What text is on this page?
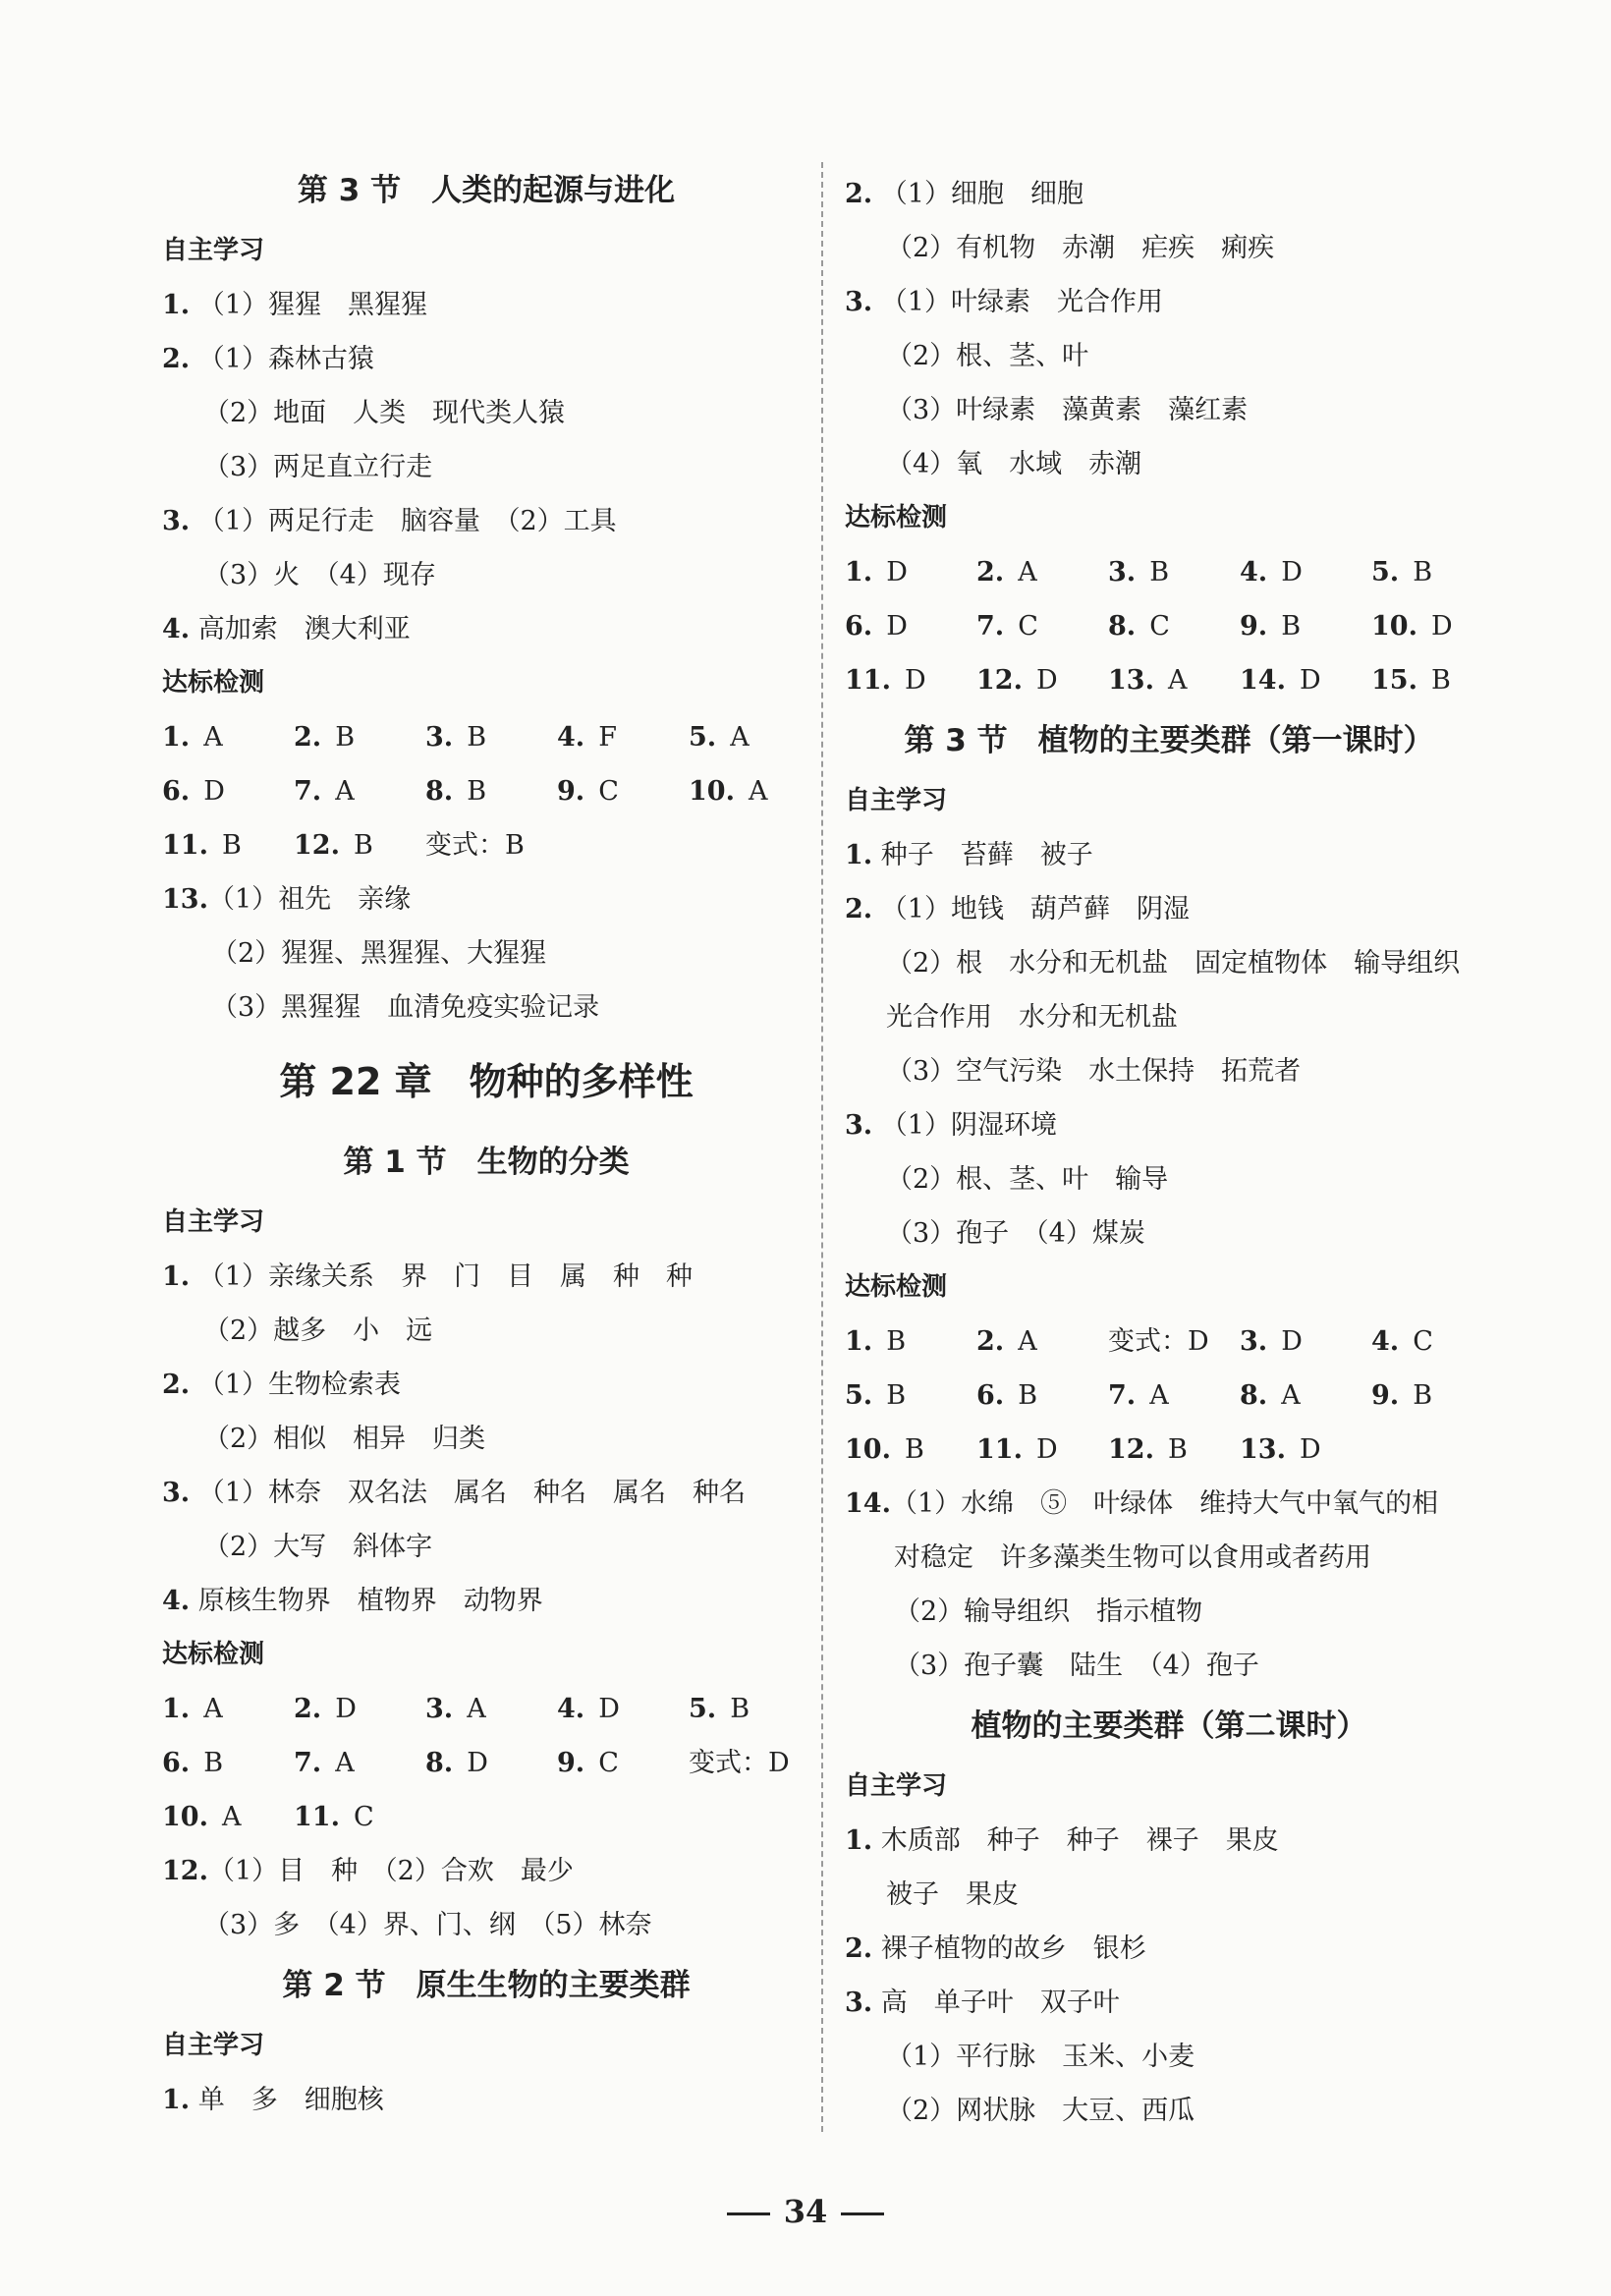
第 3 节　人类的起源与进化
自主学习
1. （1）猩猩　黑猩猩
2. （1）森林古猿
（2）地面　人类　现代类人猿
（3）两足直立行走
3. （1）两足行走　脑容量　（2）工具
（3）火　（4）现存
4. 高加索　澳大利亚
达标检测
1. A	2. B	3. B	4. F	5. A
6. D	7. A	8. B	9. C	10. A
11. B 12. B 变式：B
13.（1）祖先　亲缘
（2）猩猩、黑猩猩、大猩猩
（3）黑猩猩　血清免疫实验记录
第 22 章　物种的多样性
第 1 节　生物的分类
自主学习
1. （1）亲缘关系　界　门　目　属　种　种
（2）越多　小　远
2. （1）生物检索表
（2）相似　相异　归类
3. （1）林奈　双名法　属名　种名　属名　种名
（2）大写　斜体字
4. 原核生物界　植物界　动物界
达标检测
1. A	2. D	3. A	4. D	5. B
6. B	7. A	8. D	9. C	变式：D
10. A 11. C
12.（1）目　种　（2）合欢　最少
（3）多　（4）界、门、纲　（5）林奈
第 2 节　原生生物的主要类群
自主学习
1. 单　多　细胞核
2. （1）细胞　细胞
（2）有机物　赤潮　疟疾　痢疾
3. （1）叶绿素　光合作用
（2）根、茎、叶
（3）叶绿素　藻黄素　藻红素
（4）氧　水域　赤潮
达标检测
1. D	2. A	3. B	4. D	5. B
6. D	7. C	8. C	9. B	10. D
11. D 12. D 13. A 14. D 15. B
第 3 节　植物的主要类群（第一课时）
自主学习
1. 种子　苔藓　被子
2. （1）地钱　葫芦藓　阴湿
（2）根　水分和无机盐　固定植物体　输导组织
光合作用　水分和无机盐
（3）空气污染　水土保持　拓荒者
3. （1）阴湿环境
（2）根、茎、叶　输导
（3）孢子　（4）煤炭
达标检测
1. B	2. A	变式：D 3. D	4. C
5. B	6. B	7. A	8. A	9. B
10. B 11. D 12. B 13. D
14.（1）水绵　⑤　叶绿体　维持大气中氧气的相
对稳定　许多藻类生物可以食用或者药用
（2）输导组织　指示植物
（3）孢子囊　陆生　（4）孢子
植物的主要类群（第二课时）
自主学习
1. 木质部　种子　种子　裸子　果皮
被子　果皮
2. 裸子植物的故乡　银杉
3. 高　单子叶　双子叶
（1）平行脉　玉米、小麦
（2）网状脉　大豆、西瓜
34
